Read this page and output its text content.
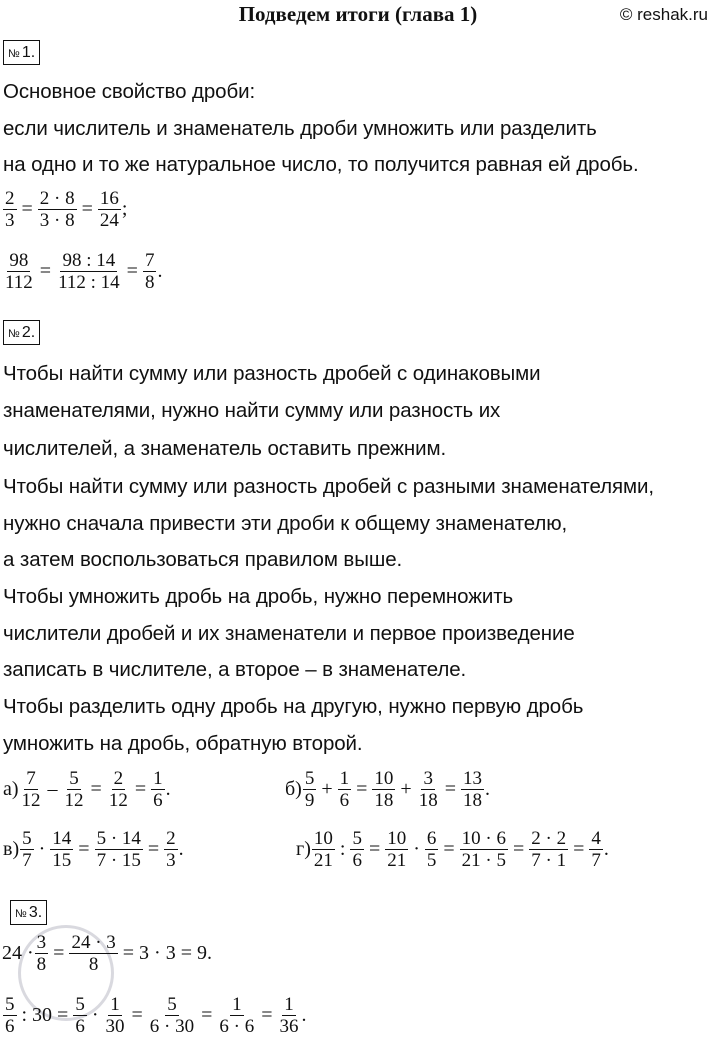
Подведем итоги (глава 1)	© reshak.ru
№ 1.
Основное свойство дроби:
если числитель и знаменатель дроби умножить или разделить
на одно и то же натуральное число, то получится равная ей дробь.
$\frac{2}{3} = \frac{2 \cdot 8}{3 \cdot 8} = \frac{16}{24}$ ;
$\frac{98}{112} = \frac{98 : 14}{112 : 14} = \frac{7}{8}$ .
№ 2.
Чтобы найти сумму или разность дробей с одинаковыми
знаменателями, нужно найти сумму или разность их
числителей, а знаменатель оставить прежним.
Чтобы найти сумму или разность дробей с разными знаменателями,
нужно сначала привести эти дроби к общему знаменателю,
а затем воспользоваться правилом выше.
Чтобы умножить дробь на дробь, нужно перемножить
числители дробей и их знаменатели и первое произведение
записать в числителе, а второе – в знаменателе.
Чтобы разделить одну дробь на другую, нужно первую дробь
умножить на дробь, обратную второй.
а) 7
12
– $\frac{5}{12} = \frac{2}{12} = \frac{1}{6}$ .	б) 5
9
+ $\frac{1}{6} = \frac{10}{18} + \frac{3}{18} = \frac{13}{18}$ .
в) 5
7
· $\frac{14}{15} = \frac{5 \cdot 14}{7 \cdot 15} = \frac{2}{3}$ .	г) 10
21
: $\frac{5}{6} = \frac{10}{21} \cdot \frac{6}{5} = \frac{10 \cdot 6}{21 \cdot 5} = \frac{2 \cdot 2}{7 \cdot 1} = \frac{4}{7}$ .
№ 3.
$24 \cdot \frac{3}{8} = \frac{24 \cdot 3}{8} = 3 \cdot 3 = 9$.
5
6
: $30 = \frac{5}{6} \cdot \frac{1}{30} = \frac{5}{6 \cdot 30} = \frac{1}{6 \cdot 6} = \frac{1}{36}$ .
